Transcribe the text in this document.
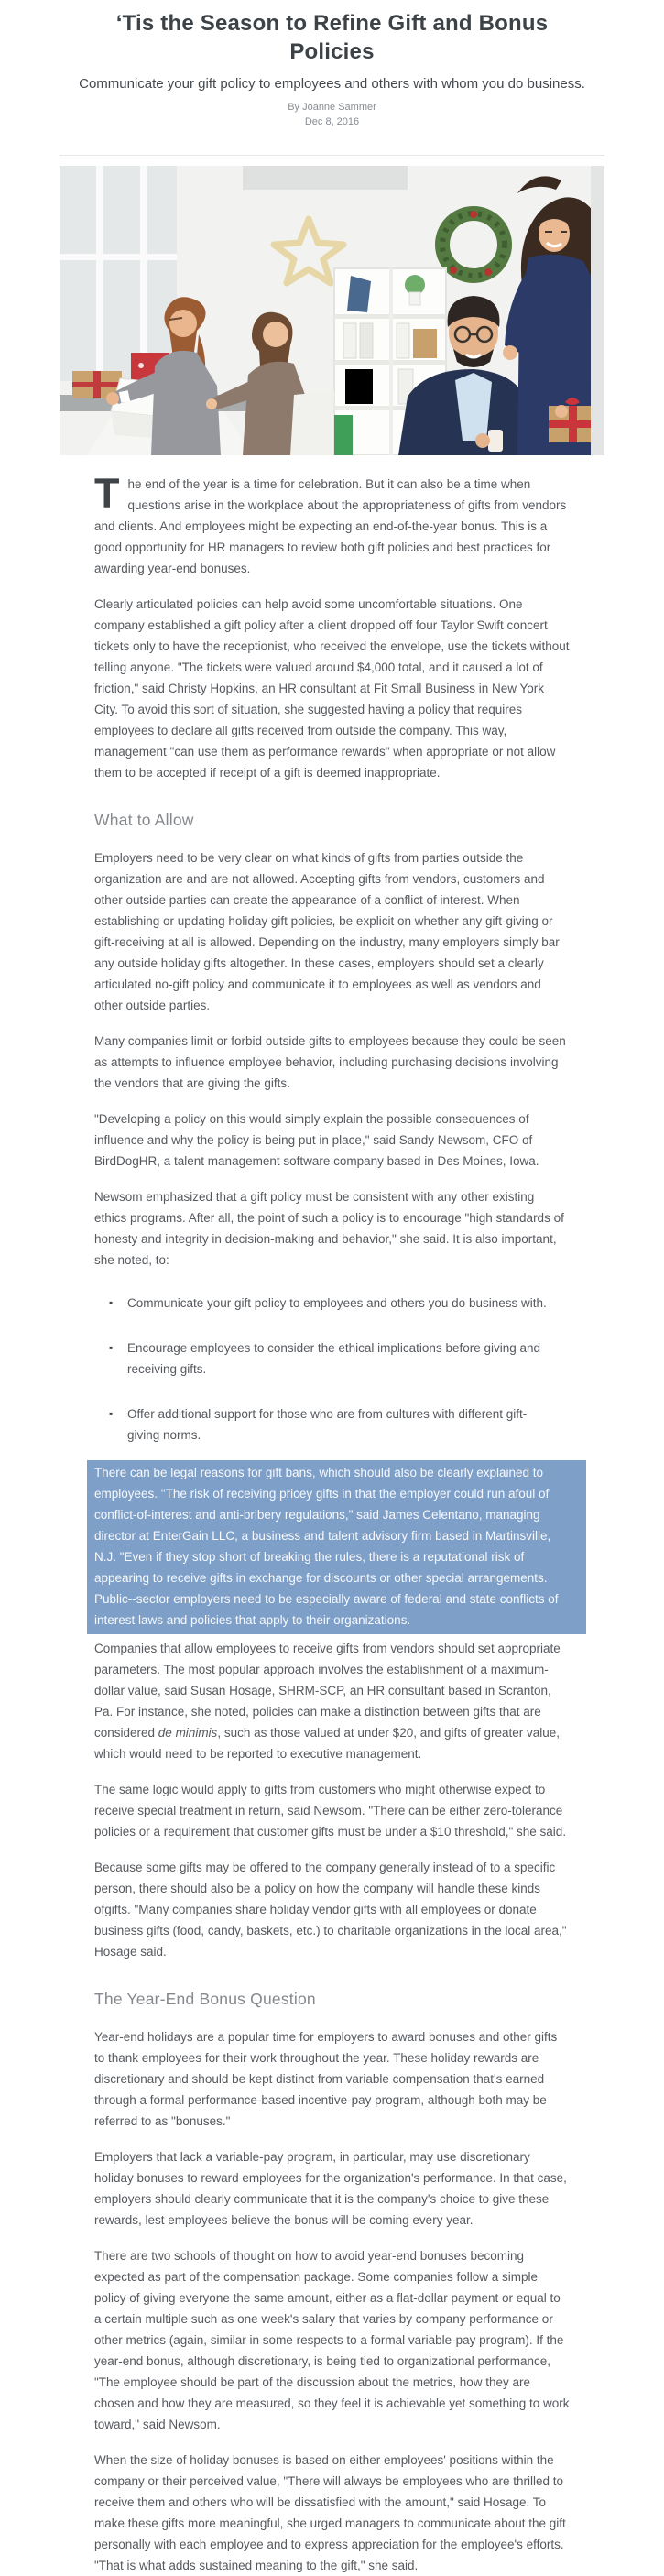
‘Tis the Season to Refine Gift and Bonus Policies
Communicate your gift policy to employees and others with whom you do business.
By Joanne Sammer
Dec 8, 2016

The end of the year is a time for celebration. But it can also be a time when questions arise in the workplace about the appropriateness of gifts from vendors and clients. And employees might be expecting an end-of-the-year bonus. This is a good opportunity for HR managers to review both gift policies and best practices for awarding year-end bonuses.

Clearly articulated policies can help avoid some uncomfortable situations. One company established a gift policy after a client dropped off four Taylor Swift concert tickets only to have the receptionist, who received the envelope, use the tickets without telling anyone. "The tickets were valued around $4,000 total, and it caused a lot of friction," said Christy Hopkins, an HR consultant at Fit Small Business in New York City. To avoid this sort of situation, she suggested having a policy that requires employees to declare all gifts received from outside the company. This way, management "can use them as performance rewards" when appropriate or not allow them to be accepted if receipt of a gift is deemed inappropriate.

What to Allow

Employers need to be very clear on what kinds of gifts from parties outside the organization are and are not allowed. Accepting gifts from vendors, customers and other outside parties can create the appearance of a conflict of interest. When establishing or updating holiday gift policies, be explicit on whether any gift-giving or gift-receiving at all is allowed. Depending on the industry, many employers simply bar any outside holiday gifts altogether. In these cases, employers should set a clearly articulated no-gift policy and communicate it to employees as well as vendors and other outside parties.

Many companies limit or forbid outside gifts to employees because they could be seen as attempts to influence employee behavior, including purchasing decisions involving the vendors that are giving the gifts.

"Developing a policy on this would simply explain the possible consequences of influence and why the policy is being put in place," said Sandy Newsom, CFO of BirdDogHR, a talent management software company based in Des Moines, Iowa.

Newsom emphasized that a gift policy must be consistent with any other existing ethics programs. After all, the point of such a policy is to encourage "high standards of honesty and integrity in decision-making and behavior," she said. It is also important, she noted, to:

▪ Communicate your gift policy to employees and others you do business with.
▪ Encourage employees to consider the ethical implications before giving and receiving gifts.
▪ Offer additional support for those who are from cultures with different gift-giving norms.

There can be legal reasons for gift bans, which should also be clearly explained to employees. "The risk of receiving pricey gifts in that the employer could run afoul of conflict-of-interest and anti-bribery regulations," said James Celentano, managing director at EnterGain LLC, a business and talent advisory firm based in Martinsville, N.J. "Even if they stop short of breaking the rules, there is a reputational risk of appearing to receive gifts in exchange for discounts or other special arrangements. Public--sector employers need to be especially aware of federal and state conflicts of interest laws and policies that apply to their organizations.

Companies that allow employees to receive gifts from vendors should set appropriate parameters. The most popular approach involves the establishment of a maximum-dollar value, said Susan Hosage, SHRM-SCP, an HR consultant based in Scranton, Pa. For instance, she noted, policies can make a distinction between gifts that are considered de minimis, such as those valued at under $20, and gifts of greater value, which would need to be reported to executive management.

The same logic would apply to gifts from customers who might otherwise expect to receive special treatment in return, said Newsom. "There can be either zero-tolerance policies or a requirement that customer gifts must be under a $10 threshold," she said.

Because some gifts may be offered to the company generally instead of to a specific person, there should also be a policy on how the company will handle these kinds ofgifts. "Many companies share holiday vendor gifts with all employees or donate business gifts (food, candy, baskets, etc.) to charitable organizations in the local area," Hosage said.

The Year-End Bonus Question

Year-end holidays are a popular time for employers to award bonuses and other gifts to thank employees for their work throughout the year. These holiday rewards are discretionary and should be kept distinct from variable compensation that's earned through a formal performance-based incentive-pay program, although both may be referred to as "bonuses."

Employers that lack a variable-pay program, in particular, may use discretionary holiday bonuses to reward employees for the organization's performance. In that case, employers should clearly communicate that it is the company's choice to give these rewards, lest employees believe the bonus will be coming every year.

There are two schools of thought on how to avoid year-end bonuses becoming expected as part of the compensation package. Some companies follow a simple policy of giving everyone the same amount, either as a flat-dollar payment or equal to a certain multiple such as one week's salary that varies by company performance or other metrics (again, similar in some respects to a formal variable-pay program). If the year-end bonus, although discretionary, is being tied to organizational performance, "The employee should be part of the discussion about the metrics, how they are chosen and how they are measured, so they feel it is achievable yet something to work toward," said Newsom.

When the size of holiday bonuses is based on either employees' positions within the company or their perceived value, "There will always be employees who are thrilled to receive them and others who will be dissatisfied with the amount," said Hosage. To make these gifts more meaningful, she urged managers to communicate about the gift personally with each employee and to express appreciation for the employee's efforts. "That is what adds sustained meaning to the gift," she said.
